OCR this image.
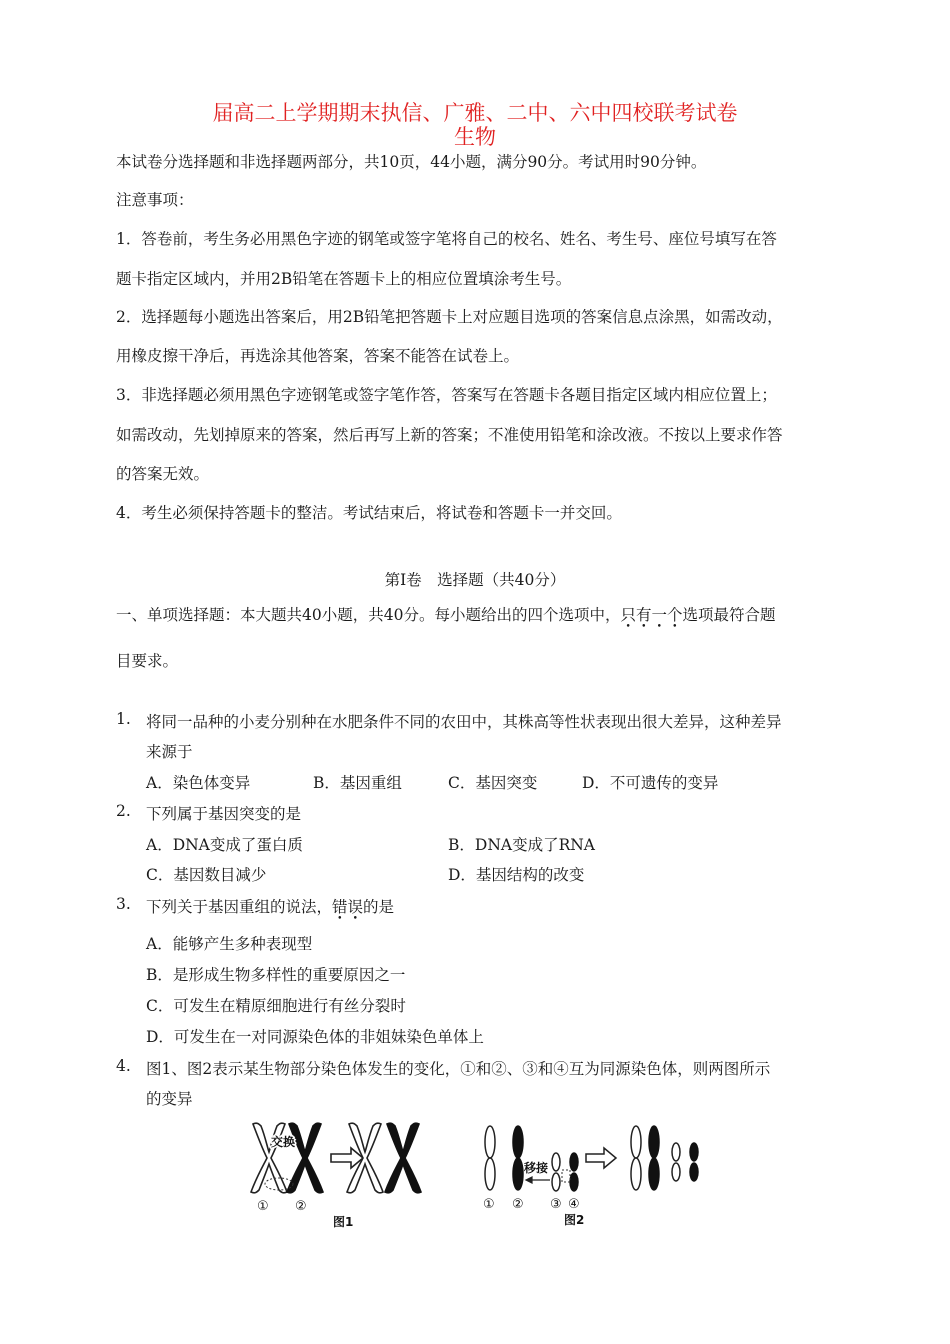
届高二上学期期末执信、广雅、二中、六中四校联考试卷
生物
本试卷分选择题和非选择题两部分，共10页，44小题，满分90分。考试用时90分钟。
注意事项：
1．答卷前，考生务必用黑色字迹的钢笔或签字笔将自己的校名、姓名、考生号、座位号填写在答
题卡指定区域内，并用2B铅笔在答题卡上的相应位置填涂考生号。
2．选择题每小题选出答案后，用2B铅笔把答题卡上对应题目选项的答案信息点涂黑，如需改动，
用橡皮擦干净后，再选涂其他答案，答案不能答在试卷上。
3．非选择题必须用黑色字迹钢笔或签字笔作答，答案写在答题卡各题目指定区域内相应位置上；
如需改动，先划掉原来的答案，然后再写上新的答案；不准使用铅笔和涂改液。不按以上要求作答
的答案无效。
4．考生必须保持答题卡的整洁。考试结束后，将试卷和答题卡一并交回。
第Ⅰ卷　选择题（共40分）
一、单项选择题：本大题共40小题，共40分。每小题给出的四个选项中，只有一个选项最符合题
目要求。
1. 将同一品种的小麦分别种在水肥条件不同的农田中，其株高等性状表现出很大差异，这种差异
来源于
A．染色体变异	B．基因重组	C．基因突变	D．不可遗传的变异
2. 下列属于基因突变的是
A．DNA变成了蛋白质	B．DNA变成了RNA
C．基因数目减少	D．基因结构的改变
3. 下列关于基因重组的说法，错误的是
A．能够产生多种表现型
B．是形成生物多样性的重要原因之一
C．可发生在精原细胞进行有丝分裂时
D．可发生在一对同源染色体的非姐妹染色单体上
4. 图1、图2表示某生物部分染色体发生的变化，①和②、③和④互为同源染色体，则两图所示
的变异
交换
① ②
图1
移接
① ② ③ ④
图2
